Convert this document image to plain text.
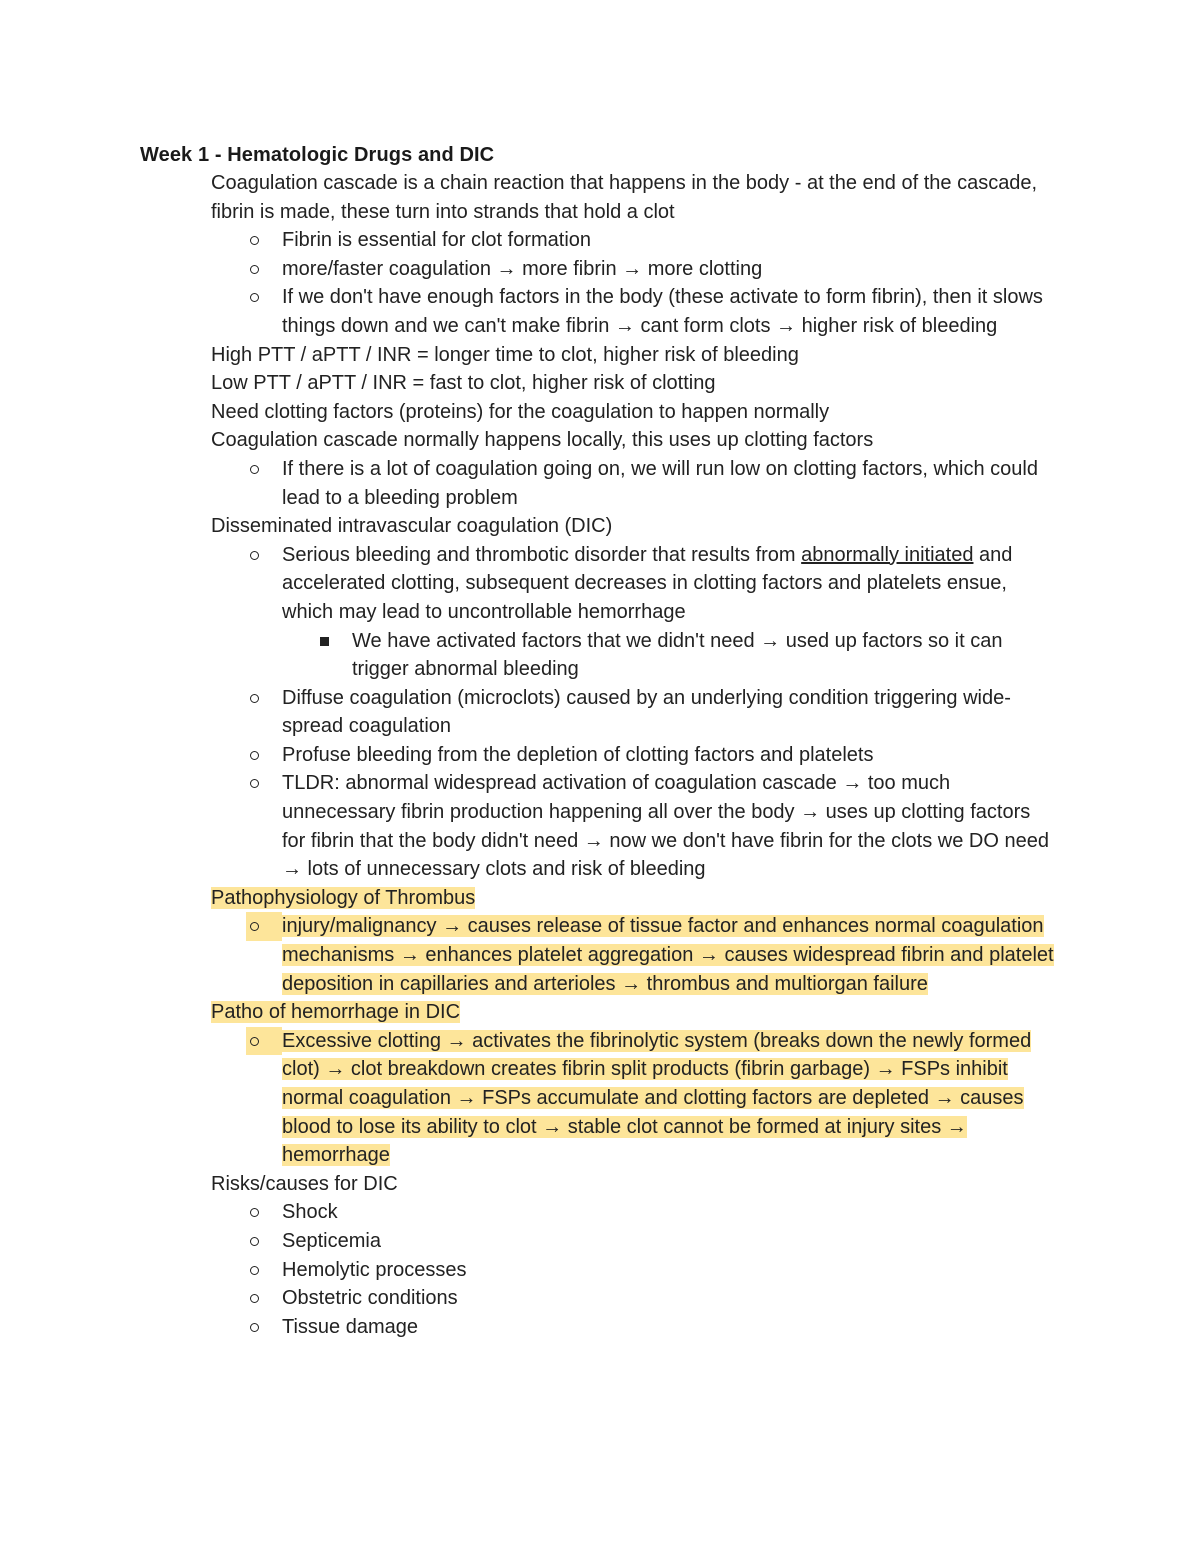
Week 1 - Hematologic Drugs and DIC
Coagulation cascade is a chain reaction that happens in the body - at the end of the cascade, fibrin is made, these turn into strands that hold a clot
Fibrin is essential for clot formation
more/faster coagulation → more fibrin → more clotting
If we don't have enough factors in the body (these activate to form fibrin), then it slows things down and we can't make fibrin → cant form clots → higher risk of bleeding
High PTT / aPTT / INR = longer time to clot, higher risk of bleeding
Low PTT / aPTT / INR = fast to clot, higher risk of clotting
Need clotting factors (proteins) for the coagulation to happen normally
Coagulation cascade normally happens locally, this uses up clotting factors
If there is a lot of coagulation going on, we will run low on clotting factors, which could lead to a bleeding problem
Disseminated intravascular coagulation (DIC)
Serious bleeding and thrombotic disorder that results from abnormally initiated and accelerated clotting, subsequent decreases in clotting factors and platelets ensue, which may lead to uncontrollable hemorrhage
We have activated factors that we didn't need → used up factors so it can trigger abnormal bleeding
Diffuse coagulation (microclots) caused by an underlying condition triggering wide-spread coagulation
Profuse bleeding from the depletion of clotting factors and platelets
TLDR: abnormal widespread activation of coagulation cascade → too much unnecessary fibrin production happening all over the body → uses up clotting factors for fibrin that the body didn't need → now we don't have fibrin for the clots we DO need → lots of unnecessary clots and risk of bleeding
Pathophysiology of Thrombus
injury/malignancy → causes release of tissue factor and enhances normal coagulation mechanisms → enhances platelet aggregation → causes widespread fibrin and platelet deposition in capillaries and arterioles → thrombus and multiorgan failure
Patho of hemorrhage in DIC
Excessive clotting → activates the fibrinolytic system (breaks down the newly formed clot) → clot breakdown creates fibrin split products (fibrin garbage) → FSPs inhibit normal coagulation → FSPs accumulate and clotting factors are depleted → causes blood to lose its ability to clot → stable clot cannot be formed at injury sites → hemorrhage
Risks/causes for DIC
Shock
Septicemia
Hemolytic processes
Obstetric conditions
Tissue damage
